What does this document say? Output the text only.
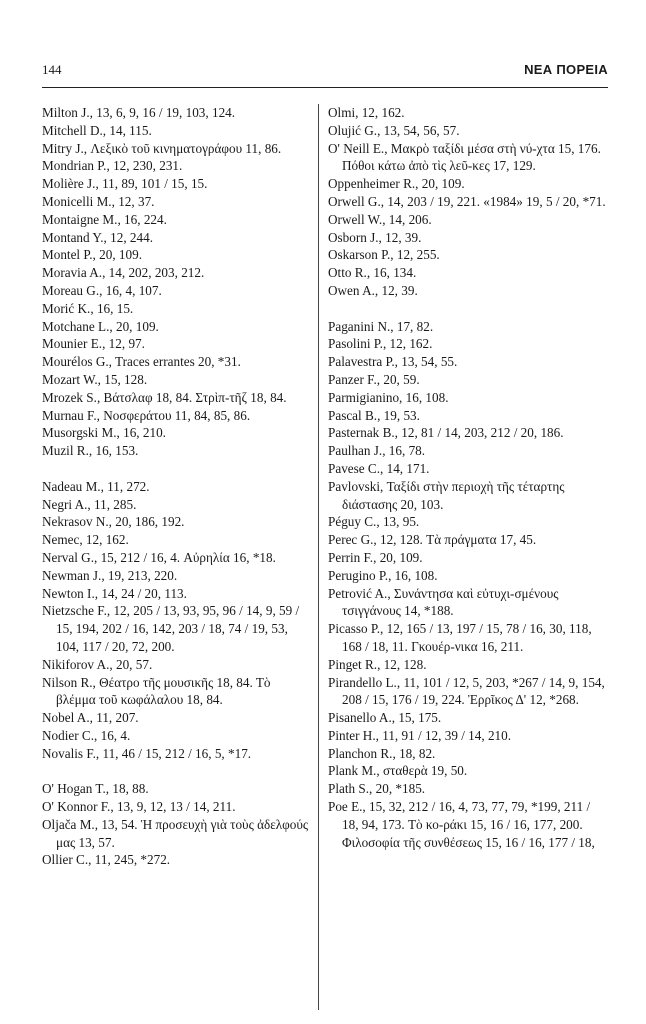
144	ΝΕΑ ΠΟΡΕΙΑ

Milton J., 13, 6, 9, 16 / 19, 103, 124.

Mitchell D., 14, 115.

Mitry J., Λεξικὸ τοῦ κινηματογράφου 11, 86.

Mondrian P., 12, 230, 231.

Molière J., 11, 89, 101 / 15, 15.

Monicelli M., 12, 37.

Montaigne M., 16, 224.

Montand Y., 12, 244.

Montel P., 20, 109.

Moravia A., 14, 202, 203, 212.

Moreau G., 16, 4, 107.

Morić K., 16, 15.

Motchane L., 20, 109.

Mounier E., 12, 97.

Mourélos G., Traces errantes 20, *31.

Mozart W., 15, 128.

Mrozek S., Βάτσλαφ 18, 84. Στρὶπ-τῆζ 18, 84.

Murnau F., Νοσφεράτου 11, 84, 85, 86.

Musorgski M., 16, 210.

Muzil R., 16, 153.

Nadeau M., 11, 272.

Negri A., 11, 285.

Nekrasov N., 20, 186, 192.

Nemec, 12, 162.

Nerval G., 15, 212 / 16, 4. Αὐρηλία 16, *18.

Newman J., 19, 213, 220.

Newton I., 14, 24 / 20, 113.

Nietzsche F., 12, 205 / 13, 93, 95, 96 / 14, 9, 59 / 15, 194, 202 / 16, 142, 203 / 18, 74 / 19, 53, 104, 117 / 20, 72, 200.

Nikiforov A., 20, 57.

Nilson R., Θέατρο τῆς μουσικῆς 18, 84. Τὸ βλέμμα τοῦ κωφάλαλου 18, 84.

Nobel A., 11, 207.

Nodier C., 16, 4.

Novalis F., 11, 46 / 15, 212 / 16, 5, *17.

O' Hogan T., 18, 88.

O' Konnor F., 13, 9, 12, 13 / 14, 211.

Oljača M., 13, 54. Ἡ προσευχὴ γιὰ τοὺς ἀδελφούς μας 13, 57.

Ollier C., 11, 245, *272.

Olmi, 12, 162.

Olujić G., 13, 54, 56, 57.

O' Neill E., Μακρὸ ταξίδι μέσα στὴ νύ-χτα 15, 176. Πόθοι κάτω ἀπὸ τὶς λεῦ-κες 17, 129.

Oppenheimer R., 20, 109.

Orwell G., 14, 203 / 19, 221. «1984» 19, 5 / 20, *71.

Orwell W., 14, 206.

Osborn J., 12, 39.

Oskarson P., 12, 255.

Otto R., 16, 134.

Owen A., 12, 39.

Paganini N., 17, 82.

Pasolini P., 12, 162.

Palavestra P., 13, 54, 55.

Panzer F., 20, 59.

Parmigianino, 16, 108.

Pascal B., 19, 53.

Pasternak B., 12, 81 / 14, 203, 212 / 20, 186.

Paulhan J., 16, 78.

Pavese C., 14, 171.

Pavlovski, Ταξίδι στὴν περιοχὴ τῆς τέταρτης διάστασης 20, 103.

Péguy C., 13, 95.

Perec G., 12, 128. Τὰ πράγματα 17, 45.

Perrin F., 20, 109.

Perugino P., 16, 108.

Petrović A., Συνάντησα καὶ εὐτυχι-σμένους τσιγγάνους 14, *188.

Picasso P., 12, 165 / 13, 197 / 15, 78 / 16, 30, 118, 168 / 18, 11. Γκουέρ-νικα 16, 211.

Pinget R., 12, 128.

Pirandello L., 11, 101 / 12, 5, 203, *267 / 14, 9, 154, 208 / 15, 176 / 19, 224. Ἐρρῖκος Δ' 12, *268.

Pisanello A., 15, 175.

Pinter H., 11, 91 / 12, 39 / 14, 210.

Planchon R., 18, 82.

Plank M., σταθερὰ 19, 50.

Plath S., 20, *185.

Poe E., 15, 32, 212 / 16, 4, 73, 77, 79, *199, 211 / 18, 94, 173. Τὸ κο-ράκι 15, 16 / 16, 177, 200. Φιλοσοφία τῆς συνθέσεως 15, 16 / 16, 177 / 18,
